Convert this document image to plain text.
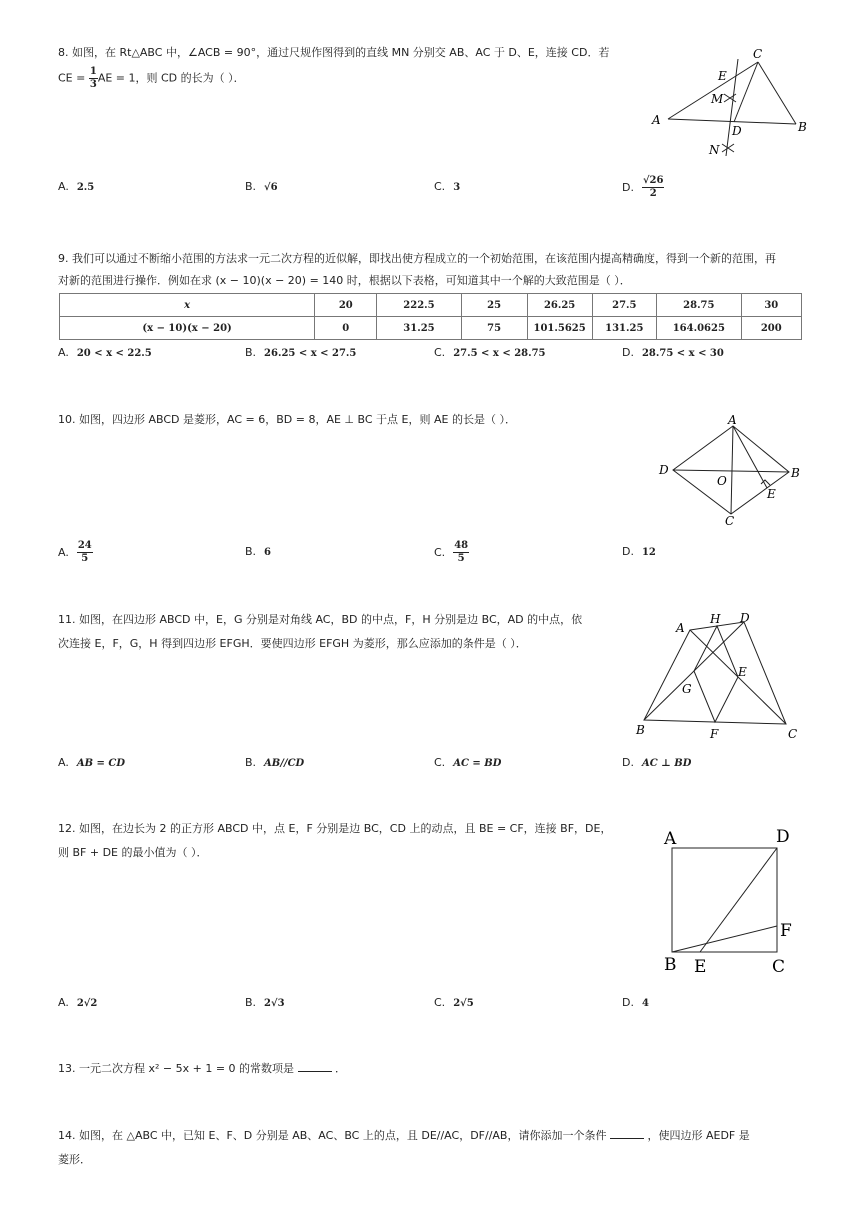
8. 如图，在 Rt△ABC 中，∠ACB = 90°，通过尺规作图得到的直线 MN 分别交 AB、AC 于 D、E，连接 CD．若
CE = $\frac{1}{3}$ AE = 1，则 CD 的长为（ ）．
A	B
C
D
E
M
N
A. 2.5	B. √6	C. 3	D. $\frac{√26}{2}$
9. 我们可以通过不断缩小范围的方法求一元二次方程的近似解，即找出使方程成立的一个初始范围，在该范围内提高精确度，得到一个新的范围，再
对新的范围进行操作．例如在求 (x − 10)(x − 20) = 140 时，根据以下表格，可知道其中一个解的大致范围是（ ）．
x	20	222.5	25	26.25	27.5	28.75	30
(x − 10)(x − 20)	0	31.25	75	101.5625	131.25	164.0625	200
A. 20 < x < 22.5	B. 26.25 < x < 27.5	C. 27.5 < x < 28.75	D. 28.75 < x < 30
10. 如图，四边形 ABCD 是菱形，AC = 6，BD = 8，AE ⊥ BC 于点 E，则 AE 的长是（ ）．	A
B
C
D
E
O
A. $\frac{24}{5}$	B. 6	C. $\frac{48}{5}$	D. 12
11. 如图，在四边形 ABCD 中，E，G 分别是对角线 AC，BD 的中点，F，H 分别是边 BC，AD 的中点，依
次连接 E，F，G，H 得到四边形 EFGH．要使四边形 EFGH 为菱形，那么应添加的条件是（ ）．
A
B	C
D
E
F
G
H
A. AB = CD	B. AB//CD	C. AC = BD	D. AC ⊥ BD
12. 如图，在边长为 2 的正方形 ABCD 中，点 E，F 分别是边 BC，CD 上的动点，且 BE = CF，连接 BF，DE，
则 BF + DE 的最小值为（ ）．
A
B	C
D
E
F
A. 2√2	B. 2√3	C. 2√5	D. 4
13. 一元二次方程 x² − 5x + 1 = 0 的常数项是	．
14. 如图，在 △ABC 中，已知 E、F、D 分别是 AB、AC、BC 上的点，且 DE//AC，DF//AB，请你添加一个条件	，使四边形 AEDF 是
菱形．
